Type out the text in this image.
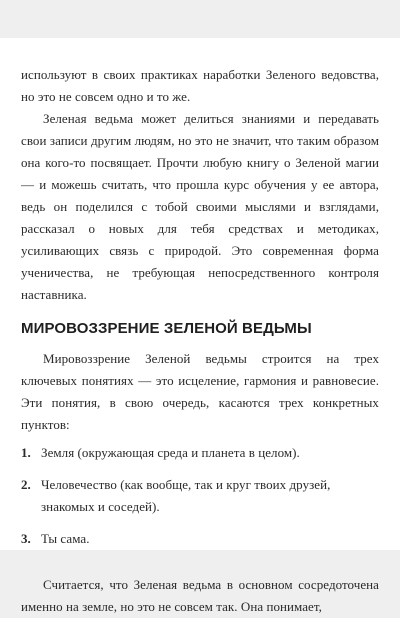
используют в своих практиках наработки Зеленого ведовства, но это не совсем одно и то же.

Зеленая ведьма может делиться знаниями и передавать свои записи другим людям, но это не значит, что таким образом она кого-то посвящает. Прочти любую книгу о Зеленой магии — и можешь считать, что прошла курс обучения у ее автора, ведь он поделился с тобой своими мыслями и взглядами, рассказал о новых для тебя средствах и методиках, усиливающих связь с природой. Это современная форма ученичества, не требующая непосредственного контроля наставника.

МИРОВОЗЗРЕНИЕ ЗЕЛЕНОЙ ВЕДЬМЫ

Мировоззрение Зеленой ведьмы строится на трех ключевых понятиях — это исцеление, гармония и равновесие. Эти понятия, в свою очередь, касаются трех конкретных пунктов:

1. Земля (окружающая среда и планета в целом).
2. Человечество (как вообще, так и круг твоих друзей, знакомых и соседей).
3. Ты сама.

Считается, что Зеленая ведьма в основном сосредоточена именно на земле, но это не совсем так. Она понимает,
